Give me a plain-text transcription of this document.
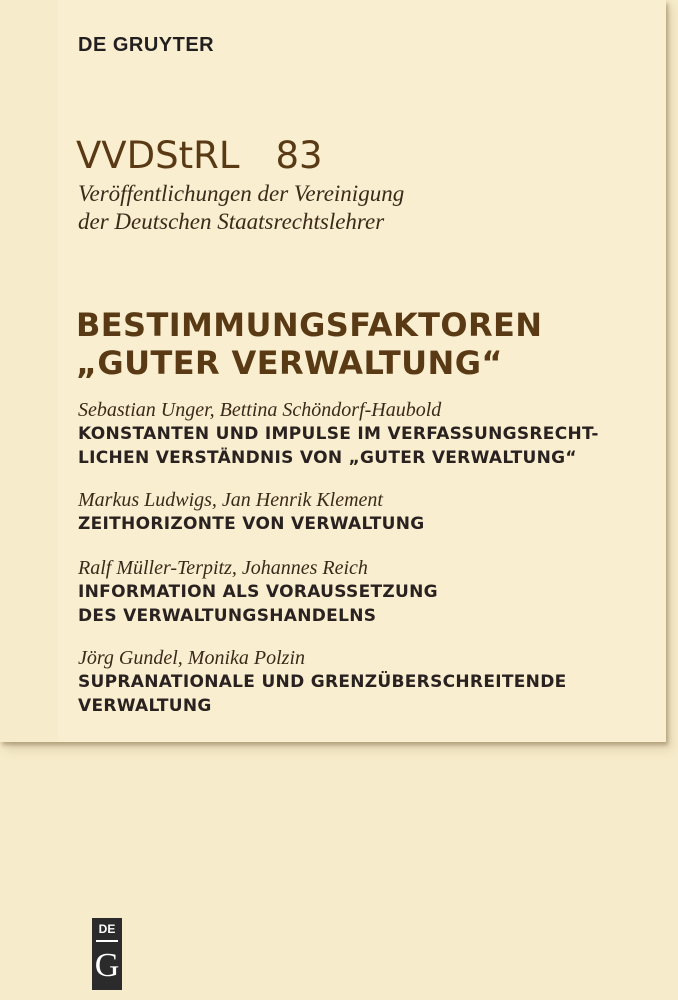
DE GRUYTER
VVDStRL 83
Veröffentlichungen der Vereinigung
der Deutschen Staatsrechtslehrer
BESTIMMUNGSFAKTOREN
„GUTER VERWALTUNG“
Sebastian Unger, Bettina Schöndorf-Haubold
KONSTANTEN UND IMPULSE IM VERFASSUNGSRECHT-
LICHEN VERSTÄNDNIS VON „GUTER VERWALTUNG“
Markus Ludwigs, Jan Henrik Klement
ZEITHORIZONTE VON VERWALTUNG
Ralf Müller-Terpitz, Johannes Reich
INFORMATION ALS VORAUSSETZUNG
DES VERWALTUNGSHANDELNS
Jörg Gundel, Monika Polzin
SUPRANATIONALE UND GRENZÜBERSCHREITENDE
VERWALTUNG
DE
G
